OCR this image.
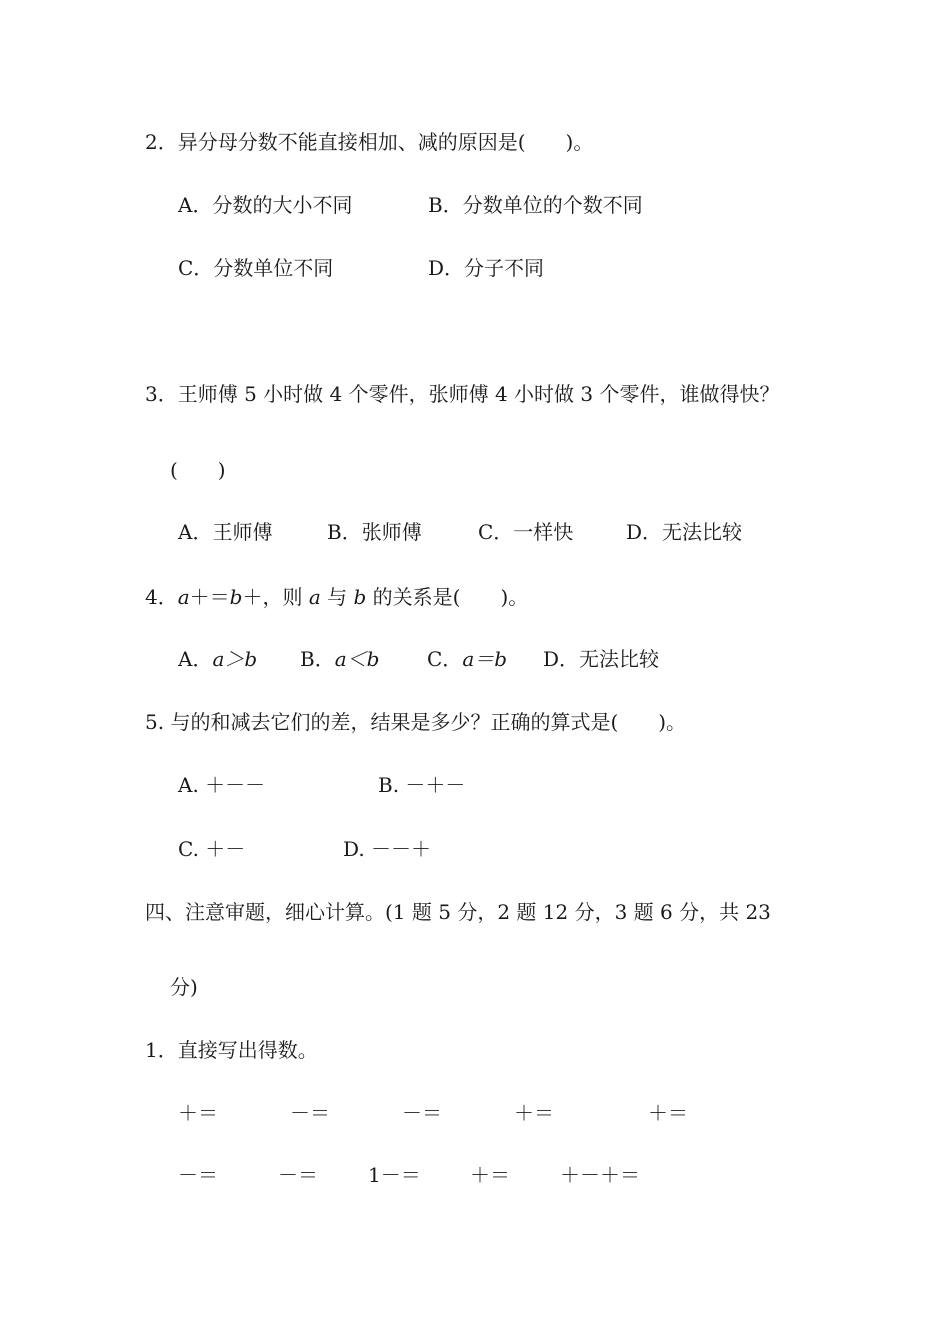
2．异分母分数不能直接相加、减的原因是(　　)。
A．分数的大小不同	B．分数单位的个数不同
C．分数单位不同	D．分子不同
3．王师傅 5 小时做 4 个零件，张师傅 4 小时做 3 个零件，谁做得快？
(　　)
A．王师傅	B．张师傅	C．一样快	D．无法比较
4．a＋＝b＋，则 a 与 b 的关系是(　　)。
A．a＞b B．a＜b C．a＝b D．无法比较
5. 与的和减去它们的差，结果是多少？正确的算式是(　　)。
A. ＋－－	B. －＋－
C. ＋－	D. －－＋
四、注意审题，细心计算。(1 题 5 分，2 题 12 分，3 题 6 分，共 23
分)
1．直接写出得数。
＋＝	－＝	－＝	＋＝	＋＝
－＝	－＝	1－＝ ＋＝	＋－＋＝
